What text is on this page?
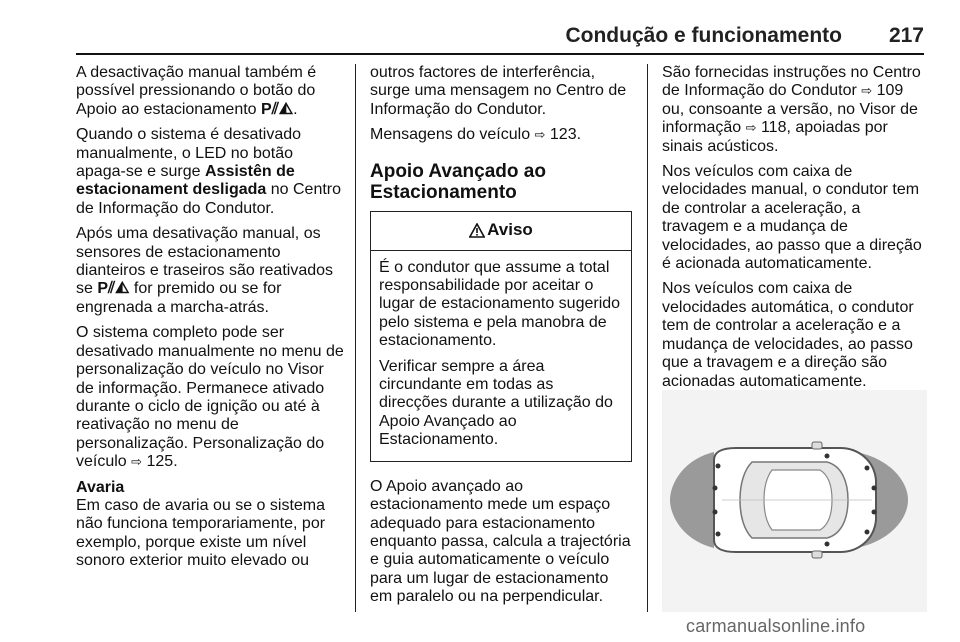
Condução e funcionamento 217

A desactivação manual também é possível pressionando o botão do Apoio ao estacionamento P⫽◭.

Quando o sistema é desativado manualmente, o LED no botão apaga-se e surge Assistên de estacionament desligada no Centro de Informação do Condutor.

Após uma desativação manual, os sensores de estacionamento dianteiros e traseiros são reativados se P⫽◭ for premido ou se for engrenada a marcha-atrás.

O sistema completo pode ser desativado manualmente no menu de personalização do veículo no Visor de informação. Permanece ativado durante o ciclo de ignição ou até à reativação no menu de personalização. Personalização do veículo ⇨ 125.

Avaria

Em caso de avaria ou se o sistema não funciona temporariamente, por exemplo, porque existe um nível sonoro exterior muito elevado ou

outros factores de interferência, surge uma mensagem no Centro de Informação do Condutor.

Mensagens do veículo ⇨ 123.

Apoio Avançado ao Estacionamento
Aviso

É o condutor que assume a total responsabilidade por aceitar o lugar de estacionamento sugerido pelo sistema e pela manobra de estacionamento.

Verificar sempre a área circundante em todas as direcções durante a utilização do Apoio Avançado ao Estacionamento.

O Apoio avançado ao estacionamento mede um espaço adequado para estacionamento enquanto passa, calcula a trajectória e guia automaticamente o veículo para um lugar de estacionamento em paralelo ou na perpendicular.

São fornecidas instruções no Centro de Informação do Condutor ⇨ 109 ou, consoante a versão, no Visor de informação ⇨ 118, apoiadas por sinais acústicos.

Nos veículos com caixa de velocidades manual, o condutor tem de controlar a aceleração, a travagem e a mudança de velocidades, ao passo que a direção é acionada automaticamente.

Nos veículos com caixa de velocidades automática, o condutor tem de controlar a aceleração e a mudança de velocidades, ao passo que a travagem e a direção são acionadas automaticamente.

carmanualsonline.info
